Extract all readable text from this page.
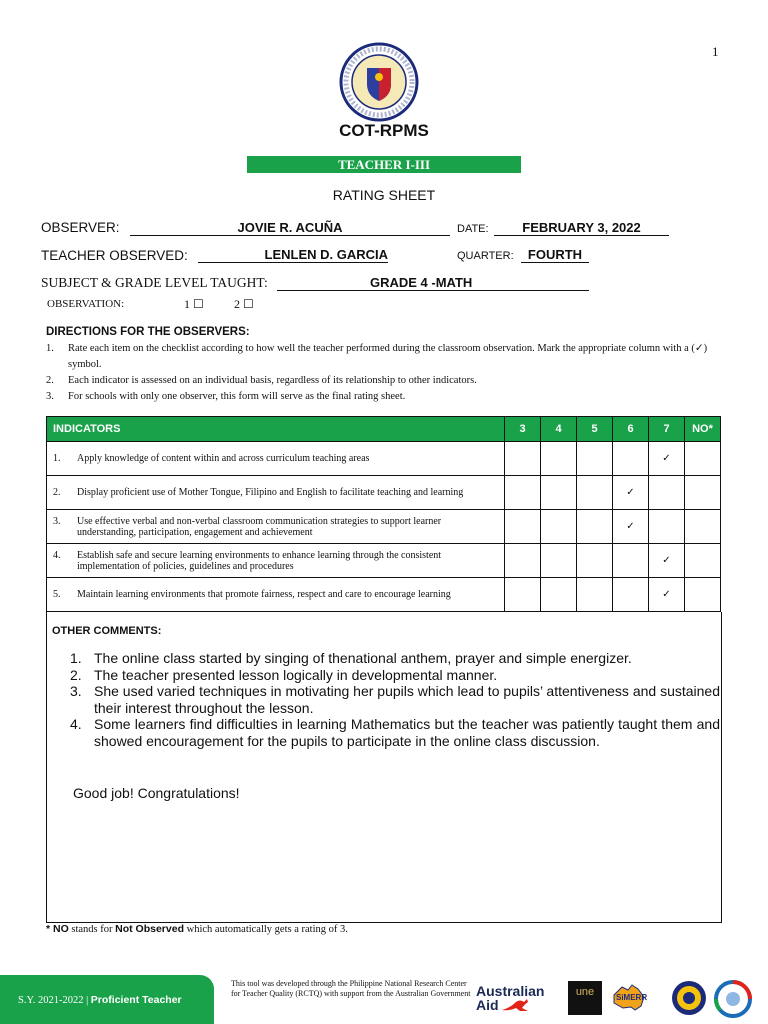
1
COT-RPMS
TEACHER I-III
RATING SHEET
OBSERVER:	JOVIE R. ACUÑA	DATE:	FEBRUARY 3, 2022
TEACHER OBSERVED:	LENLEN D. GARCIA	QUARTER:	FOURTH
SUBJECT & GRADE LEVEL TAUGHT:	GRADE 4 -MATH
OBSERVATION:	1 ☐	2 ☐
DIRECTIONS FOR THE OBSERVERS:
1.	Rate each item on the checklist according to how well the teacher performed during the classroom observation. Mark the appropriate column with a (✓) symbol.
2.	Each indicator is assessed on an individual basis, regardless of its relationship to other indicators.
3.	For schools with only one observer, this form will serve as the final rating sheet.
INDICATORS	3	4	5	6	7	NO*

1. Apply knowledge of content within and across curriculum teaching areas					✓	

2. Display proficient use of Mother Tongue, Filipino and English to facilitate teaching and learning				✓		

3. Use effective verbal and non-verbal classroom communication strategies to support learner understanding, participation, engagement and achievement				✓		

4. Establish safe and secure learning environments to enhance learning through the consistent implementation of policies, guidelines and procedures					✓	

5. Maintain learning environments that promote fairness, respect and care to encourage learning					✓	
OTHER COMMENTS:
1. The online class started by singing of thenational anthem, prayer and simple energizer.
2. The teacher presented lesson logically in developmental manner.
3. She used varied techniques in motivating her pupils which lead to pupils’ attentiveness and sustained their interest throughout the lesson.
4. Some learners find difficulties in learning Mathematics but the teacher was patiently taught them and showed encouragement for the pupils to participate in the online class discussion.
Good job! Congratulations!
* NO stands for Not Observed which automatically gets a rating of 3.
S.Y. 2021-2022 | Proficient Teacher
This tool was developed through the Philippine National Research Center for Teacher Quality (RCTQ) with support from the Australian Government Australian
Aid
une	SiMERR
